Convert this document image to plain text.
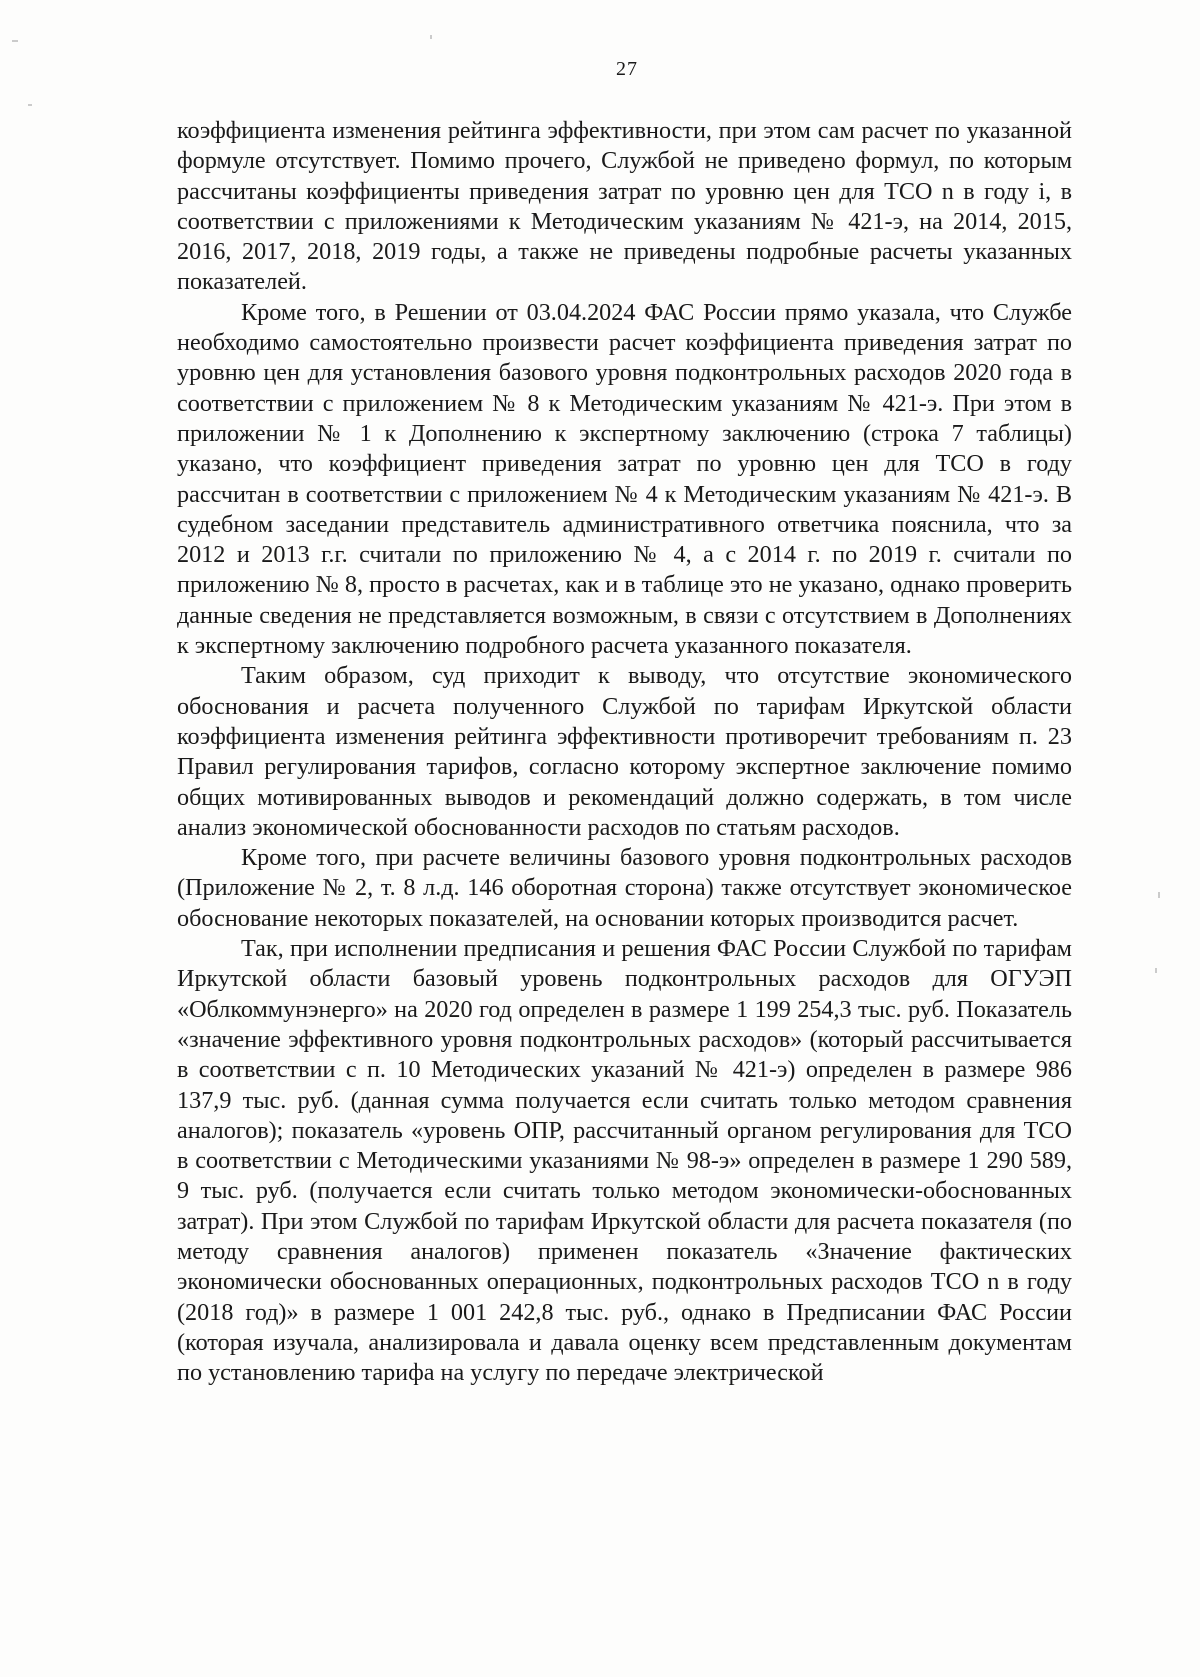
27

коэффициента изменения рейтинга эффективности, при этом сам расчет по указанной формуле отсутствует. Помимо прочего, Службой не приведено формул, по которым рассчитаны коэффициенты приведения затрат по уровню цен для ТСО n в году i, в соответствии с приложениями к Методическим указаниям № 421-э, на 2014, 2015, 2016, 2017, 2018, 2019 годы, а также не приведены подробные расчеты указанных показателей.

Кроме того, в Решении от 03.04.2024 ФАС России прямо указала, что Службе необходимо самостоятельно произвести расчет коэффициента приведения затрат по уровню цен для установления базового уровня подконтрольных расходов 2020 года в соответствии с приложением № 8 к Методическим указаниям № 421-э. При этом в приложении № 1 к Дополнению к экспертному заключению (строка 7 таблицы) указано, что коэффициент приведения затрат по уровню цен для ТСО в году рассчитан в соответствии с приложением № 4 к Методическим указаниям № 421-э. В судебном заседании представитель административного ответчика пояснила, что за 2012 и 2013 г.г. считали по приложению № 4, а с 2014 г. по 2019 г. считали по приложению № 8, просто в расчетах, как и в таблице это не указано, однако проверить данные сведения не представляется возможным, в связи с отсутствием в Дополнениях к экспертному заключению подробного расчета указанного показателя.

Таким образом, суд приходит к выводу, что отсутствие экономического обоснования и расчета полученного Службой по тарифам Иркутской области коэффициента изменения рейтинга эффективности противоречит требованиям п. 23 Правил регулирования тарифов, согласно которому экспертное заключение помимо общих мотивированных выводов и рекомендаций должно содержать, в том числе анализ экономической обоснованности расходов по статьям расходов.

Кроме того, при расчете величины базового уровня подконтрольных расходов (Приложение № 2, т. 8 л.д. 146 оборотная сторона) также отсутствует экономическое обоснование некоторых показателей, на основании которых производится расчет.

Так, при исполнении предписания и решения ФАС России Службой по тарифам Иркутской области базовый уровень подконтрольных расходов для ОГУЭП «Облкоммунэнерго» на 2020 год определен в размере 1 199 254,3 тыс. руб. Показатель «значение эффективного уровня подконтрольных расходов» (который рассчитывается в соответствии с п. 10 Методических указаний № 421-э) определен в размере 986 137,9 тыс. руб. (данная сумма получается если считать только методом сравнения аналогов); показатель «уровень ОПР, рассчитанный органом регулирования для ТСО в соответствии с Методическими указаниями № 98-э» определен в размере 1 290 589, 9 тыс. руб. (получается если считать только методом экономически-обоснованных затрат). При этом Службой по тарифам Иркутской области для расчета показателя (по методу сравнения аналогов) применен показатель «Значение фактических экономически обоснованных операционных, подконтрольных расходов ТСО n в году (2018 год)» в размере 1 001 242,8 тыс. руб., однако в Предписании ФАС России (которая изучала, анализировала и давала оценку всем представленным документам по установлению тарифа на услугу по передаче электрической
